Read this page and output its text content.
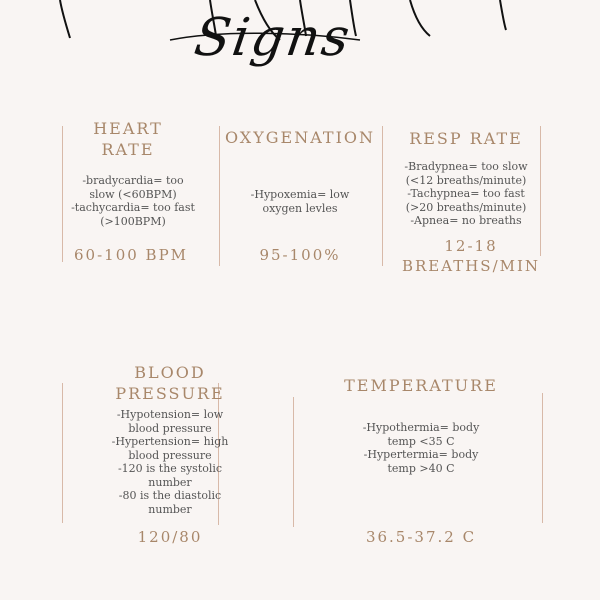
Signs
HEART
RATE
-bradycardia= too
slow (<60BPM)
-tachycardia= too fast
(>100BPM)
60-100 BPM
OXYGENATION
-Hypoxemia= low
oxygen levles
95-100%
RESP RATE
-Bradypnea= too slow
(<12 breaths/minute)
-Tachypnea= too fast
(>20 breaths/minute)
-Apnea= no breaths
12-18
BREATHS/MIN
BLOOD
PRESSURE
-Hypotension= low
blood pressure
-Hypertension= high
blood pressure
-120 is the systolic
number
-80 is the diastolic
number
120/80
TEMPERATURE
-Hypothermia= body
temp <35 C
-Hypertermia= body
temp >40 C
36.5-37.2 C
